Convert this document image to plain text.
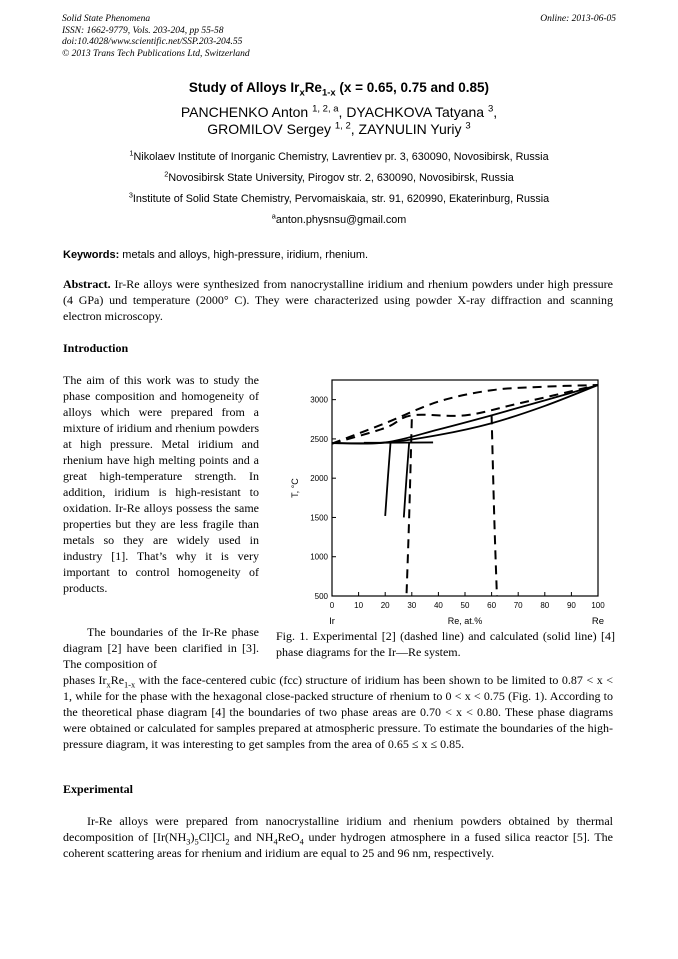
Solid State Phenomena
ISSN: 1662-9779, Vols. 203-204, pp 55-58
doi:10.4028/www.scientific.net/SSP.203-204.55
© 2013 Trans Tech Publications Ltd, Switzerland
Online: 2013-06-05
Study of Alloys $Ir_xRe_{1-x}$ (x = 0.65, 0.75 and 0.85)
PANCHENKO Anton $^{1, 2, a}$, DYACHKOVA Tatyana $^3$,
GROMILOV Sergey $^{1, 2}$, ZAYNULIN Yuriy $^3$
$^1$Nikolaev Institute of Inorganic Chemistry, Lavrentiev pr. 3, 630090, Novosibirsk, Russia
$^2$Novosibirsk State University, Pirogov str. 2, 630090, Novosibirsk, Russia
$^3$Institute of Solid State Chemistry, Pervomaiskaia, str. 91, 620990, Ekaterinburg, Russia
$^a$anton.physnsu@gmail.com
Keywords: metals and alloys, high-pressure, iridium, rhenium.
Abstract. Ir-Re alloys were synthesized from nanocrystalline iridium and rhenium powders under high pressure (4 GPa) und temperature (2000° C). They were characterized using powder X-ray diffraction and scanning electron microscopy.
Introduction
The aim of this work was to study the phase composition and homogeneity of alloys which were prepared from a mixture of iridium and rhenium powders at high pressure. Metal iridium and rhenium have high melting points and a great high-temperature strength. In addition, iridium is high-resistant to oxidation. Ir-Re alloys possess the same properties but they are less fragile than metals so they are widely used in industry [1]. That’s why it is very important to control homogeneity of products.
The boundaries of the Ir-Re phase diagram [2] have been clarified in [3]. The composition of
0 10 20 30 40 50 60 70 80 90 100
500
1000
1500
2000
2500
3000
Ir	Re
Re, at.%
T, °C
Fig. 1. Experimental [2] (dashed line) and calculated (solid line) [4] phase diagrams for the Ir—Re system.
phases $Ir_xRe_{1-x}$ with the face-centered cubic (fcc) structure of iridium has been shown to be limited to 0.87 < x < 1, while for the phase with the hexagonal close-packed structure of rhenium to 0 < x < 0.75 (Fig. 1). According to the theoretical phase diagram [4] the boundaries of two phase areas are 0.70 < x < 0.80. These phase diagrams were obtained or calculated for samples prepared at atmospheric pressure. To estimate the boundaries of the high-pressure diagram, it was interesting to get samples from the area of 0.65 ≤ x ≤ 0.85.
Experimental
Ir-Re alloys were prepared from nanocrystalline iridium and rhenium powders obtained by thermal decomposition of $[Ir(NH_3)_5Cl]Cl_2$ and $NH_4ReO_4$ under hydrogen atmosphere in a fused silica reactor [5]. The coherent scattering areas for rhenium and iridium are equal to 25 and 96 nm, respectively.
